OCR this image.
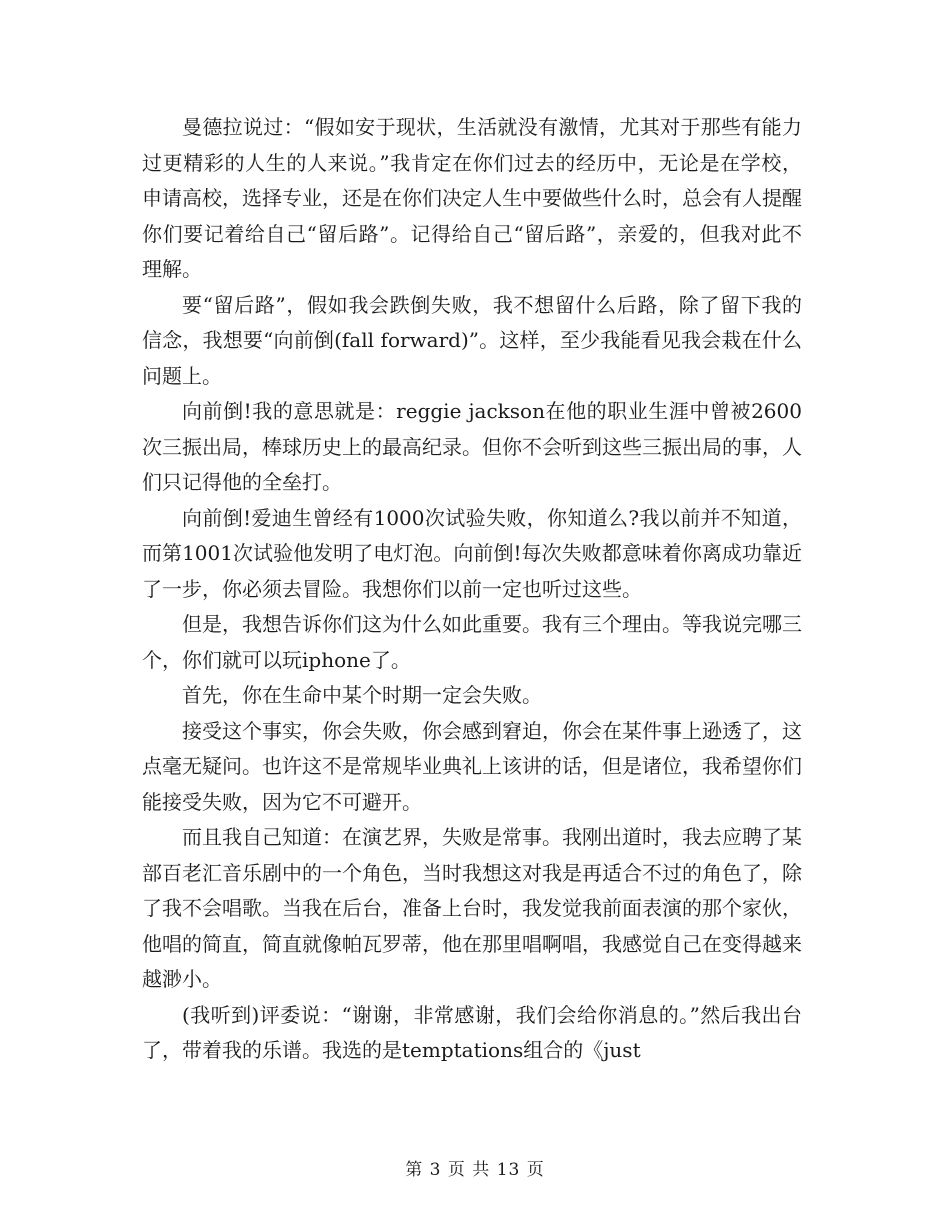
曼德拉说过：“假如安于现状，生活就没有激情，尤其对于那些有能力过更精彩的人生的人来说。”我肯定在你们过去的经历中，无论是在学校，申请高校，选择专业，还是在你们决定人生中要做些什么时，总会有人提醒你们要记着给自己“留后路”。记得给自己“留后路”，亲爱的，但我对此不理解。

要“留后路”，假如我会跌倒失败，我不想留什么后路，除了留下我的信念，我想要“向前倒(fall forward)”。这样，至少我能看见我会栽在什么问题上。

向前倒!我的意思就是：reggie jackson在他的职业生涯中曾被2600次三振出局，棒球历史上的最高纪录。但你不会听到这些三振出局的事，人们只记得他的全垒打。

向前倒!爱迪生曾经有1000次试验失败，你知道么?我以前并不知道，而第1001次试验他发明了电灯泡。向前倒!每次失败都意味着你离成功靠近了一步，你必须去冒险。我想你们以前一定也听过这些。

但是，我想告诉你们这为什么如此重要。我有三个理由。等我说完哪三个，你们就可以玩iphone了。

首先，你在生命中某个时期一定会失败。

接受这个事实，你会失败，你会感到窘迫，你会在某件事上逊透了，这点毫无疑问。也许这不是常规毕业典礼上该讲的话，但是诸位，我希望你们能接受失败，因为它不可避开。

而且我自己知道：在演艺界，失败是常事。我刚出道时，我去应聘了某部百老汇音乐剧中的一个角色，当时我想这对我是再适合不过的角色了，除了我不会唱歌。当我在后台，准备上台时，我发觉我前面表演的那个家伙，他唱的简直，简直就像帕瓦罗蒂，他在那里唱啊唱，我感觉自己在变得越来越渺小。

(我听到)评委说：“谢谢，非常感谢，我们会给你消息的。”然后我出台了，带着我的乐谱。我选的是temptations组合的《just

第 3 页 共 13 页
